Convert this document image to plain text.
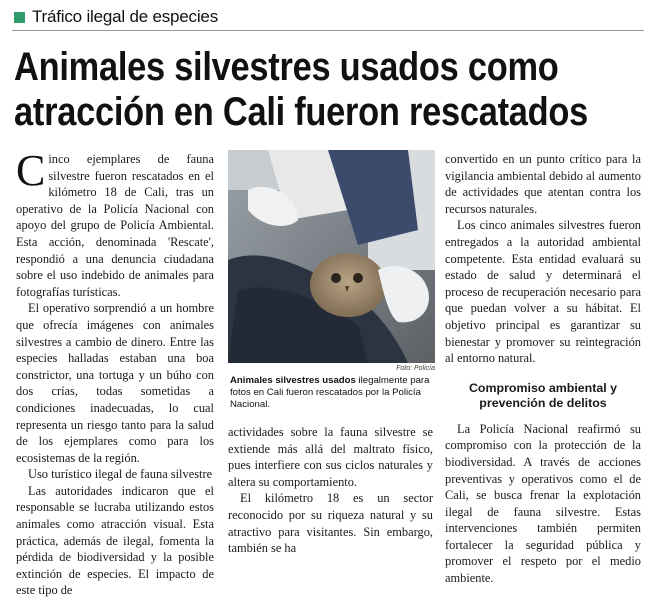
Tráfico ilegal de especies
Animales silvestres usados como
atracción en Cali fueron rescatados

C inco ejemplares de fauna silvestre fueron rescatados en el kilómetro 18 de Cali, tras un operativo de la Policía Nacional con apoyo del grupo de Policía Ambiental. Esta acción, denominada 'Rescate', respondió a una denuncia ciudadana sobre el uso indebido de animales para fotografías turísticas.

El operativo sorprendió a un hombre que ofrecía imágenes con animales silvestres a cambio de dinero. Entre las especies halladas estaban una boa constrictor, una tortuga y un búho con dos crías, todas sometidas a condiciones inadecuadas, lo cual representa un riesgo tanto para la salud de los ejemplares como para los ecosistemas de la región.

Uso turístico ilegal de fauna silvestre

Las autoridades indicaron que el responsable se lucraba utilizando estos animales como atracción visual. Esta práctica, además de ilegal, fomenta la pérdida de biodiversidad y la posible extinción de especies. El impacto de este tipo de

Foto: Policía
Animales silvestres usados ilegalmente para fotos en Cali fueron rescatados por la Policía Nacional.

actividades sobre la fauna silvestre se extiende más allá del maltrato físico, pues interfiere con sus ciclos naturales y altera su comportamiento.

El kilómetro 18 es un sector reconocido por su riqueza natural y su atractivo para visitantes. Sin embargo, también se ha

convertido en un punto crítico para la vigilancia ambiental debido al aumento de actividades que atentan contra los recursos naturales.

Los cinco animales silvestres fueron entregados a la autoridad ambiental competente. Esta entidad evaluará su estado de salud y determinará el proceso de recuperación necesario para que puedan volver a su hábitat. El objetivo principal es garantizar su bienestar y promover su reintegración al entorno natural.

Compromiso ambiental y prevención de delitos

La Policía Nacional reafirmó su compromiso con la protección de la biodiversidad. A través de acciones preventivas y operativos como el de Cali, se busca frenar la explotación ilegal de fauna silvestre. Estas intervenciones también permiten fortalecer la seguridad pública y promover el respeto por el medio ambiente.
